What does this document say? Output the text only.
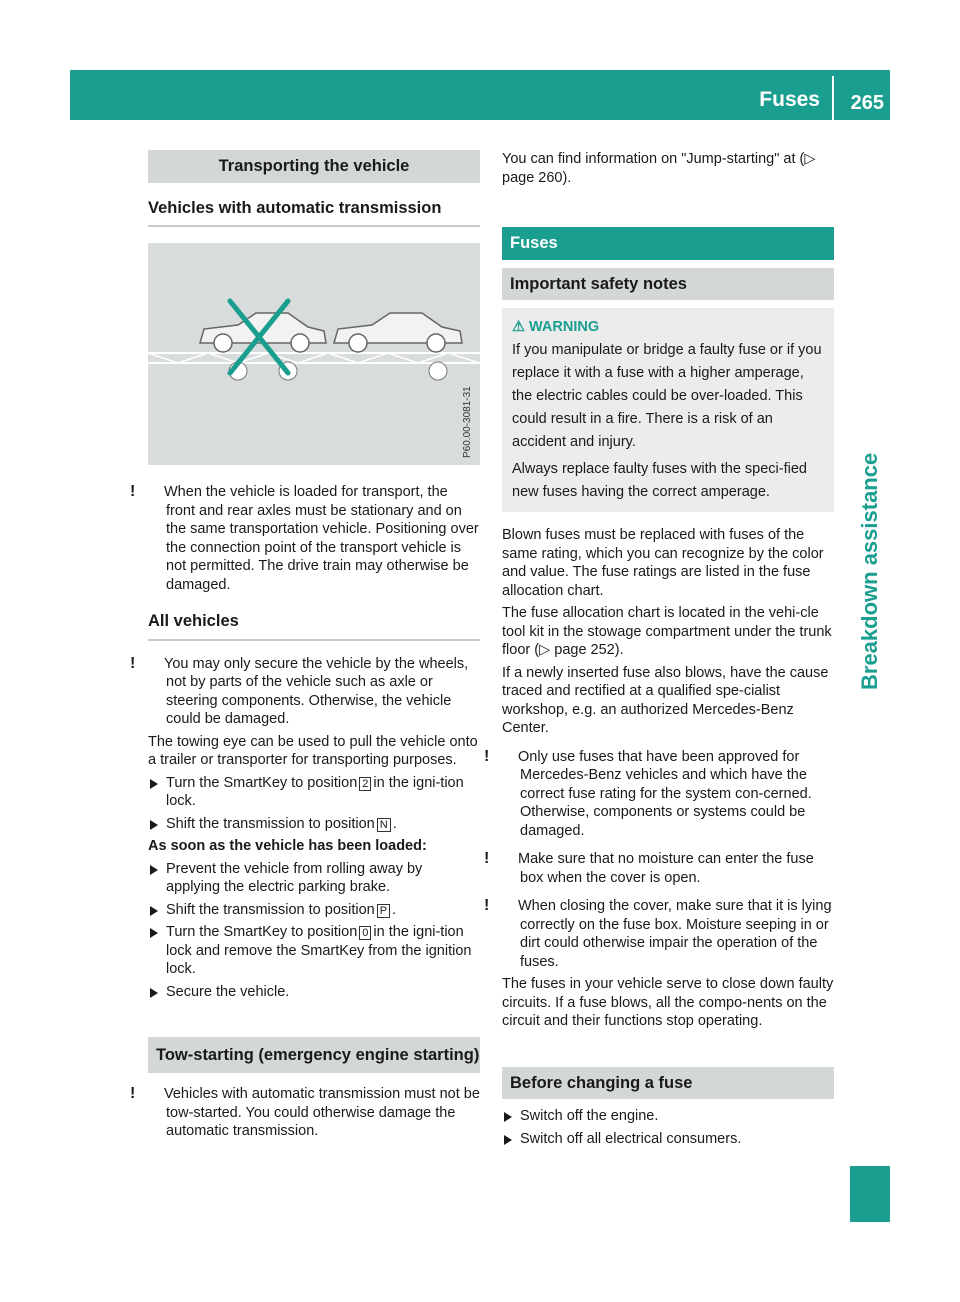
Fuses 265
Breakdown assistance
Transporting the vehicle
Vehicles with automatic transmission
P60.00-3081-31
! When the vehicle is loaded for transport, the front and rear axles must be stationary and on the same transportation vehicle. Positioning over the connection point of the transport vehicle is not permitted. The drive train may otherwise be damaged.
All vehicles
! You may only secure the vehicle by the wheels, not by parts of the vehicle such as axle or steering components. Otherwise, the vehicle could be damaged.

The towing eye can be used to pull the vehicle onto a trailer or transporter for transporting purposes.

Turn the SmartKey to position 2 in the igni-tion lock.
Shift the transmission to position N .
As soon as the vehicle has been loaded:
Prevent the vehicle from rolling away by applying the electric parking brake.
Shift the transmission to position P .
Turn the SmartKey to position 0 in the igni-tion lock and remove the SmartKey from the ignition lock.
Secure the vehicle.
Tow-starting (emergency engine starting)
! Vehicles with automatic transmission must not be tow-started. You could otherwise damage the automatic transmission.

You can find information on "Jump-starting" at (▷ page 260).

Fuses
Important safety notes
⚠ WARNING
If you manipulate or bridge a faulty fuse or if you replace it with a fuse with a higher amperage, the electric cables could be over-loaded. This could result in a fire. There is a risk of an accident and injury.
Always replace faulty fuses with the speci-fied new fuses having the correct amperage.

Blown fuses must be replaced with fuses of the same rating, which you can recognize by the color and value. The fuse ratings are listed in the fuse allocation chart.

The fuse allocation chart is located in the vehi-cle tool kit in the stowage compartment under the trunk floor (▷ page 252).

If a newly inserted fuse also blows, have the cause traced and rectified at a qualified spe-cialist workshop, e.g. an authorized Mercedes-Benz Center.

! Only use fuses that have been approved for Mercedes-Benz vehicles and which have the correct fuse rating for the system con-cerned. Otherwise, components or systems could be damaged.
! Make sure that no moisture can enter the fuse box when the cover is open.
! When closing the cover, make sure that it is lying correctly on the fuse box. Moisture seeping in or dirt could otherwise impair the operation of the fuses.

The fuses in your vehicle serve to close down faulty circuits. If a fuse blows, all the compo-nents on the circuit and their functions stop operating.

Before changing a fuse
Switch off the engine.
Switch off all electrical consumers.
